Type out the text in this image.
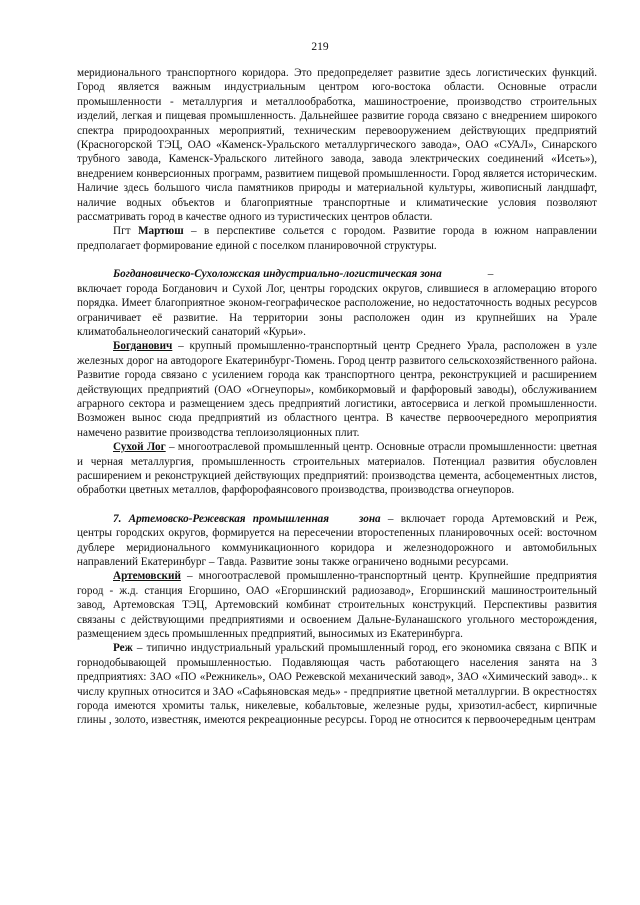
219

меридионального транспортного коридора. Это предопределяет развитие здесь логистических функций. Город является важным индустриальным центром юго-востока области. Основные отрасли промышленности - металлургия и металлообработка, машиностроение, производство строительных изделий, легкая и пищевая промышленность. Дальнейшее развитие города связано с внедрением широкого спектра природоохранных мероприятий, техническим перевооружением действующих предприятий (Красногорской ТЭЦ, ОАО «Каменск-Уральского металлургического завода», ОАО «СУАЛ», Синарского трубного завода, Каменск-Уральского литейного завода, завода электрических соединений «Исеть»), внедрением конверсионных программ, развитием пищевой промышленности. Город является историческим. Наличие здесь большого числа памятников природы и материальной культуры, живописный ландшафт, наличие водных объектов и благоприятные транспортные и климатические условия позволяют рассматривать город в качестве одного из туристических центров области.

Пгт Мартюш – в перспективе сольется с городом. Развитие города в южном направлении предполагает формирование единой с поселком планировочной структуры.

Богдановическо-Сухоложская индустриально-логистическая зона	–

включает города Богданович и Сухой Лог, центры городских округов, слившиеся в агломерацию второго порядка. Имеет благоприятное эконом-географическое расположение, но недостаточность водных ресурсов ограничивает её развитие. На территории зоны расположен один из крупнейших на Урале климатобальнеологический санаторий «Курьи».

Богданович – крупный промышленно-транспортный центр Среднего Урала, расположен в узле железных дорог на автодороге Екатеринбург-Тюмень. Город центр развитого сельскохозяйственного района. Развитие города связано с усилением города как транспортного центра, реконструкцией и расширением действующих предприятий (ОАО «Огнеупоры», комбикормовый и фарфоровый заводы), обслуживанием аграрного сектора и размещением здесь предприятий логистики, автосервиса и легкой промышленности. Возможен вынос сюда предприятий из областного центра. В качестве первоочередного мероприятия намечено развитие производства теплоизоляционных плит.

Сухой Лог – многоотраслевой промышленный центр. Основные отрасли промышленности: цветная и черная металлургия, промышленность строительных материалов. Потенциал развития обусловлен расширением и реконструкцией действующих предприятий: производства цемента, асбоцементных листов, обработки цветных металлов, фарфорофаянсового производства, производства огнеупоров.

7. Артемовско-Режевская промышленная	зона – включает города Артемовский и Реж, центры городских округов, формируется на пересечении второстепенных планировочных осей: восточном дублере меридионального коммуникационного коридора и железнодорожного и автомобильных направлений Екатеринбург – Тавда. Развитие зоны также ограничено водными ресурсами.

Артемовский – многоотраслевой промышленно-транспортный центр. Крупнейшие предприятия город - ж.д. станция Егоршино, ОАО «Егоршинский радиозавод», Егоршинский машиностроительный завод, Артемовская ТЭЦ, Артемовский комбинат строительных конструкций. Перспективы развития связаны с действующими предприятиями и освоением Дальне-Буланашского угольного месторождения, размещением здесь промышленных предприятий, выносимых из Екатеринбурга.

Реж – типично индустриальный уральский промышленный город, его экономика связана с ВПК и горнодобывающей промышленностью. Подавляющая часть работающего населения занята на 3 предприятиях: ЗАО «ПО «Режникель», ОАО Режевской механический завод», ЗАО «Химический завод».. к числу крупных относится и ЗАО «Сафьяновская медь» - предприятие цветной металлургии. В окрестностях города имеются хромиты тальк, никелевые, кобальтовые, железные руды, хризотил-асбест, кирпичные глины , золото, известняк, имеются рекреационные ресурсы. Город не относится к первоочередным центрам
